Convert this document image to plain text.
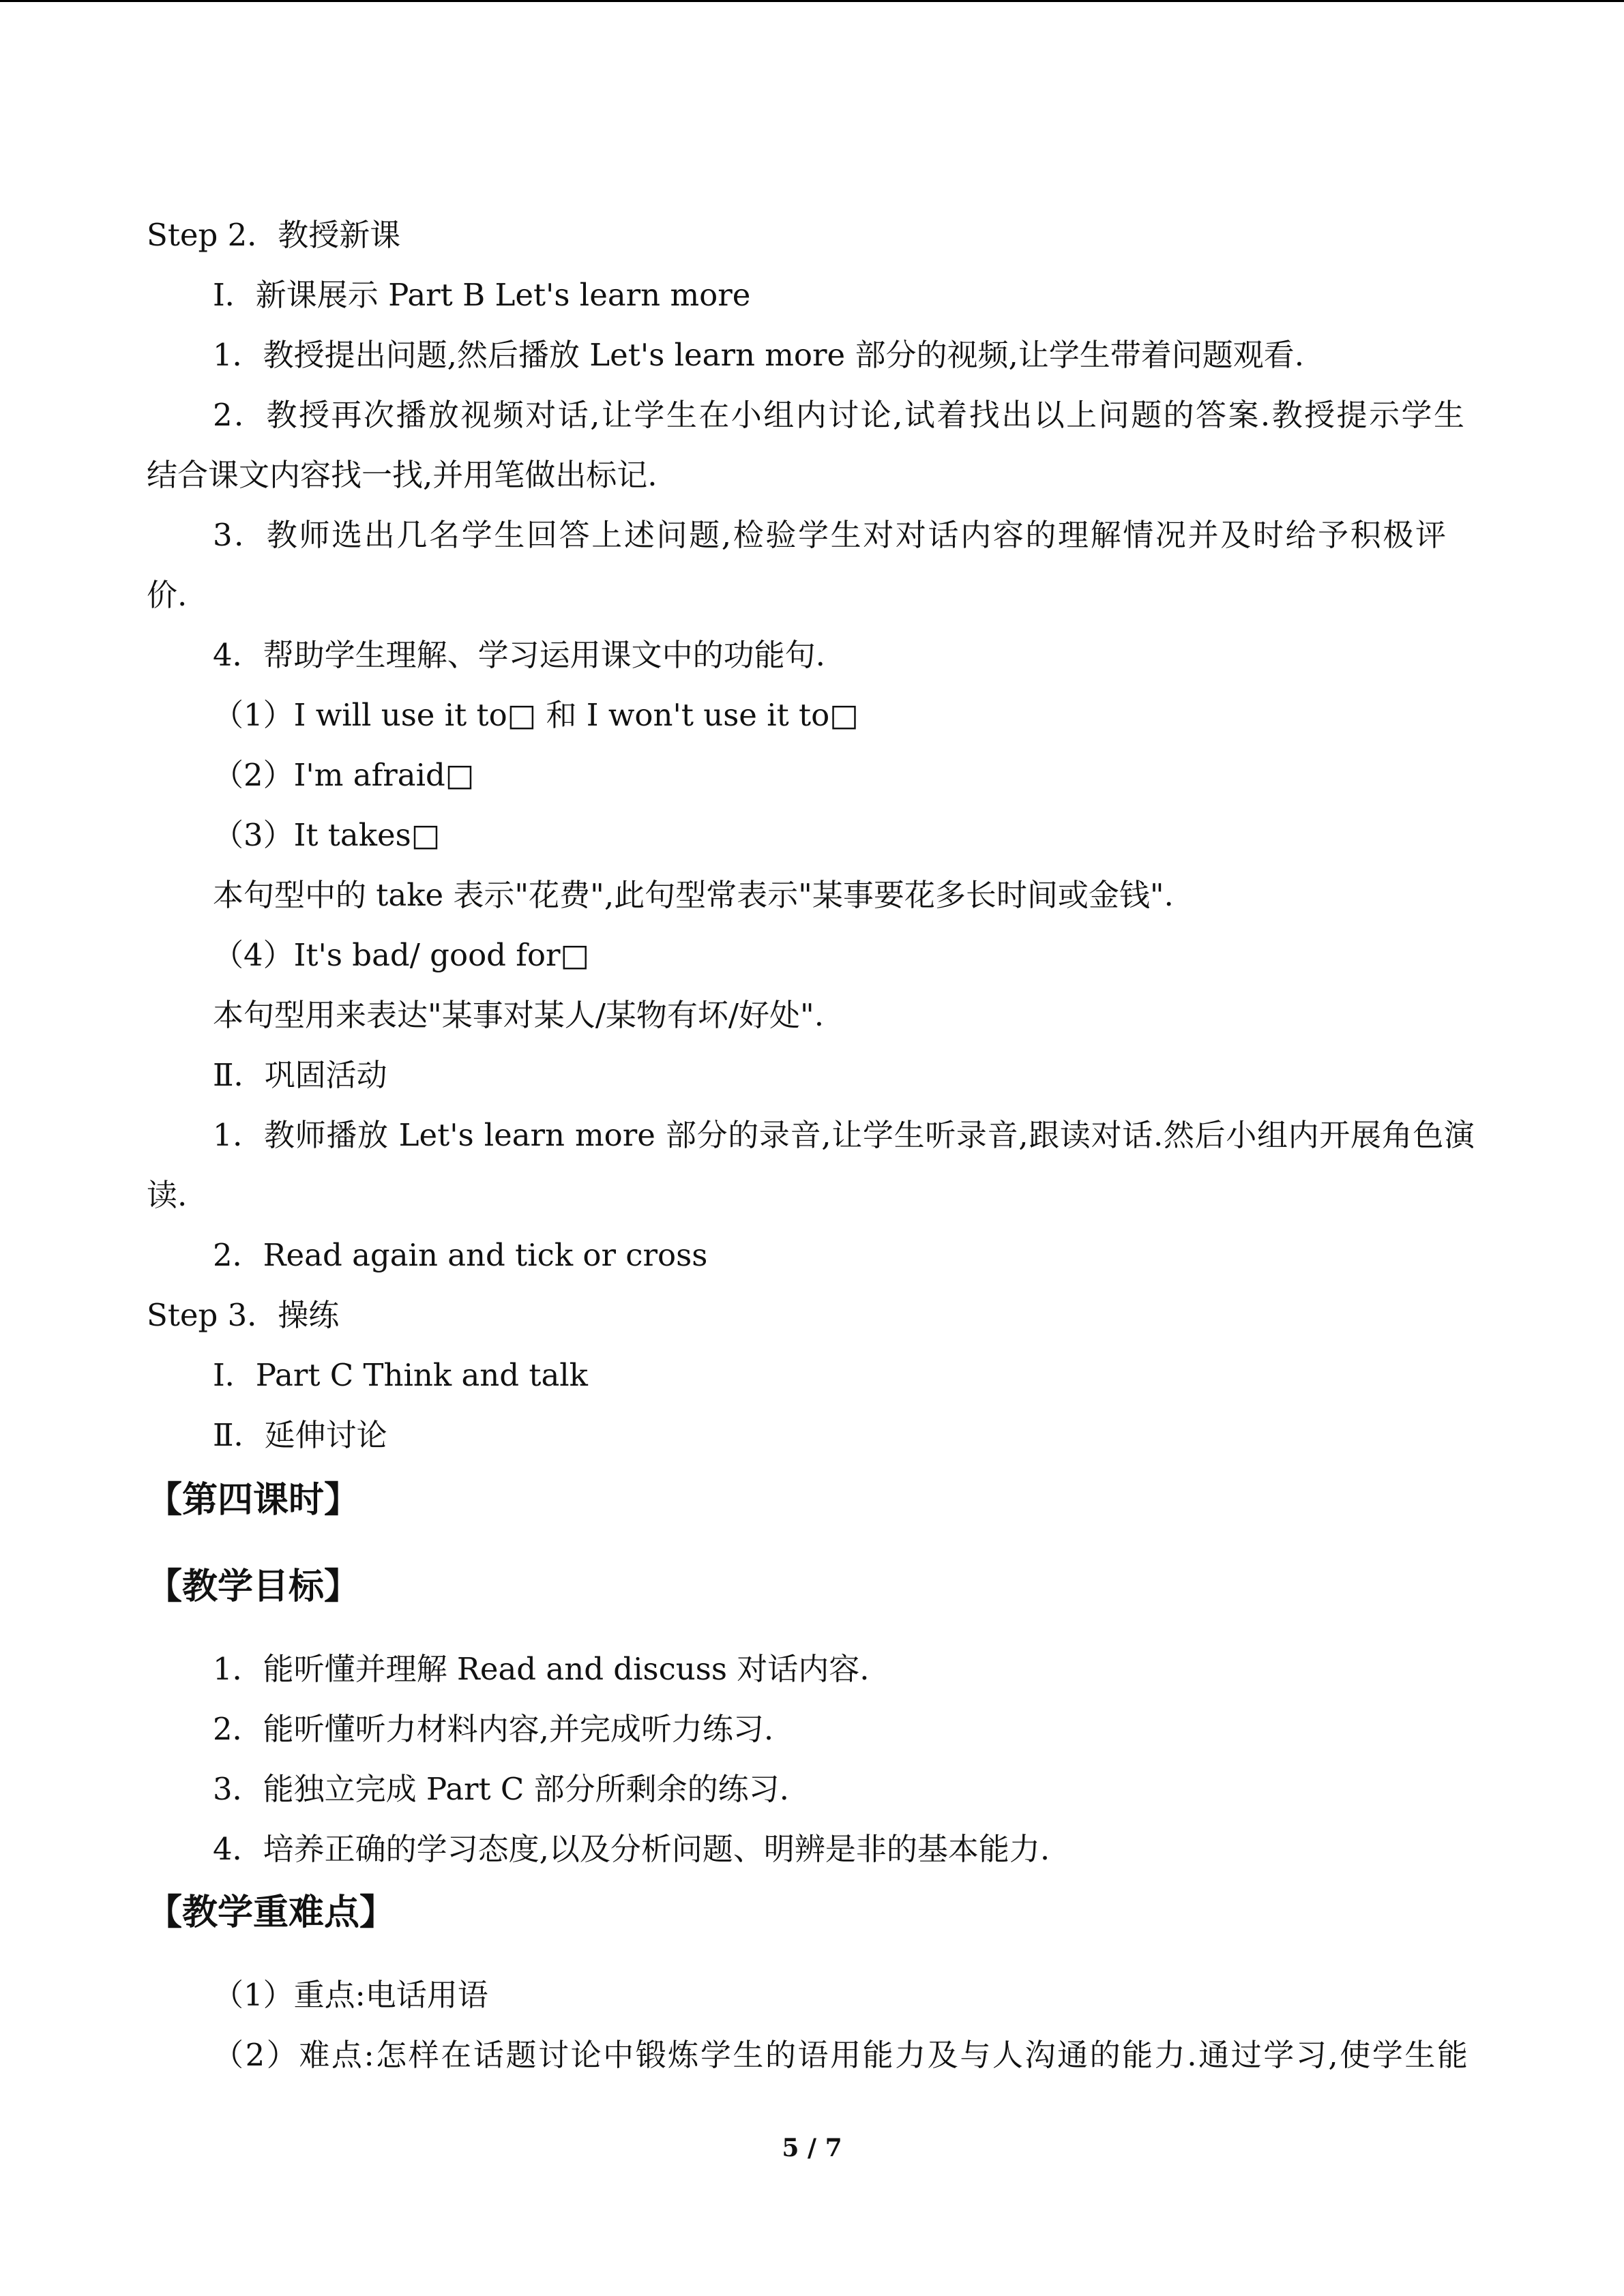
Step 2．教授新课
Ⅰ．新课展示 Part B Let's learn more
1．教授提出问题,然后播放 Let's learn more 部分的视频,让学生带着问题观看.
2．教授再次播放视频对话,让学生在小组内讨论,试着找出以上问题的答案.教授提示学生
结合课文内容找一找,并用笔做出标记.
3．教师选出几名学生回答上述问题,检验学生对对话内容的理解情况并及时给予积极评
价.
4．帮助学生理解、学习运用课文中的功能句.
（1）I will use it to□ 和 I won't use it to□
（2）I'm afraid□
（3）It takes□
本句型中的 take 表示"花费",此句型常表示"某事要花多长时间或金钱".
（4）It's bad/ good for□
本句型用来表达"某事对某人/某物有坏/好处".
Ⅱ．巩固活动
1．教师播放 Let's learn more 部分的录音,让学生听录音,跟读对话.然后小组内开展角色演
读.
2．Read again and tick or cross
Step 3．操练
Ⅰ．Part C Think and talk
Ⅱ．延伸讨论
【第四课时】
【教学目标】
1．能听懂并理解 Read and discuss 对话内容.
2．能听懂听力材料内容,并完成听力练习.
3．能独立完成 Part C 部分所剩余的练习.
4．培养正确的学习态度,以及分析问题、明辨是非的基本能力.
【教学重难点】
（1）重点:电话用语
（2）难点:怎样在话题讨论中锻炼学生的语用能力及与人沟通的能力.通过学习,使学生能
5 / 7
